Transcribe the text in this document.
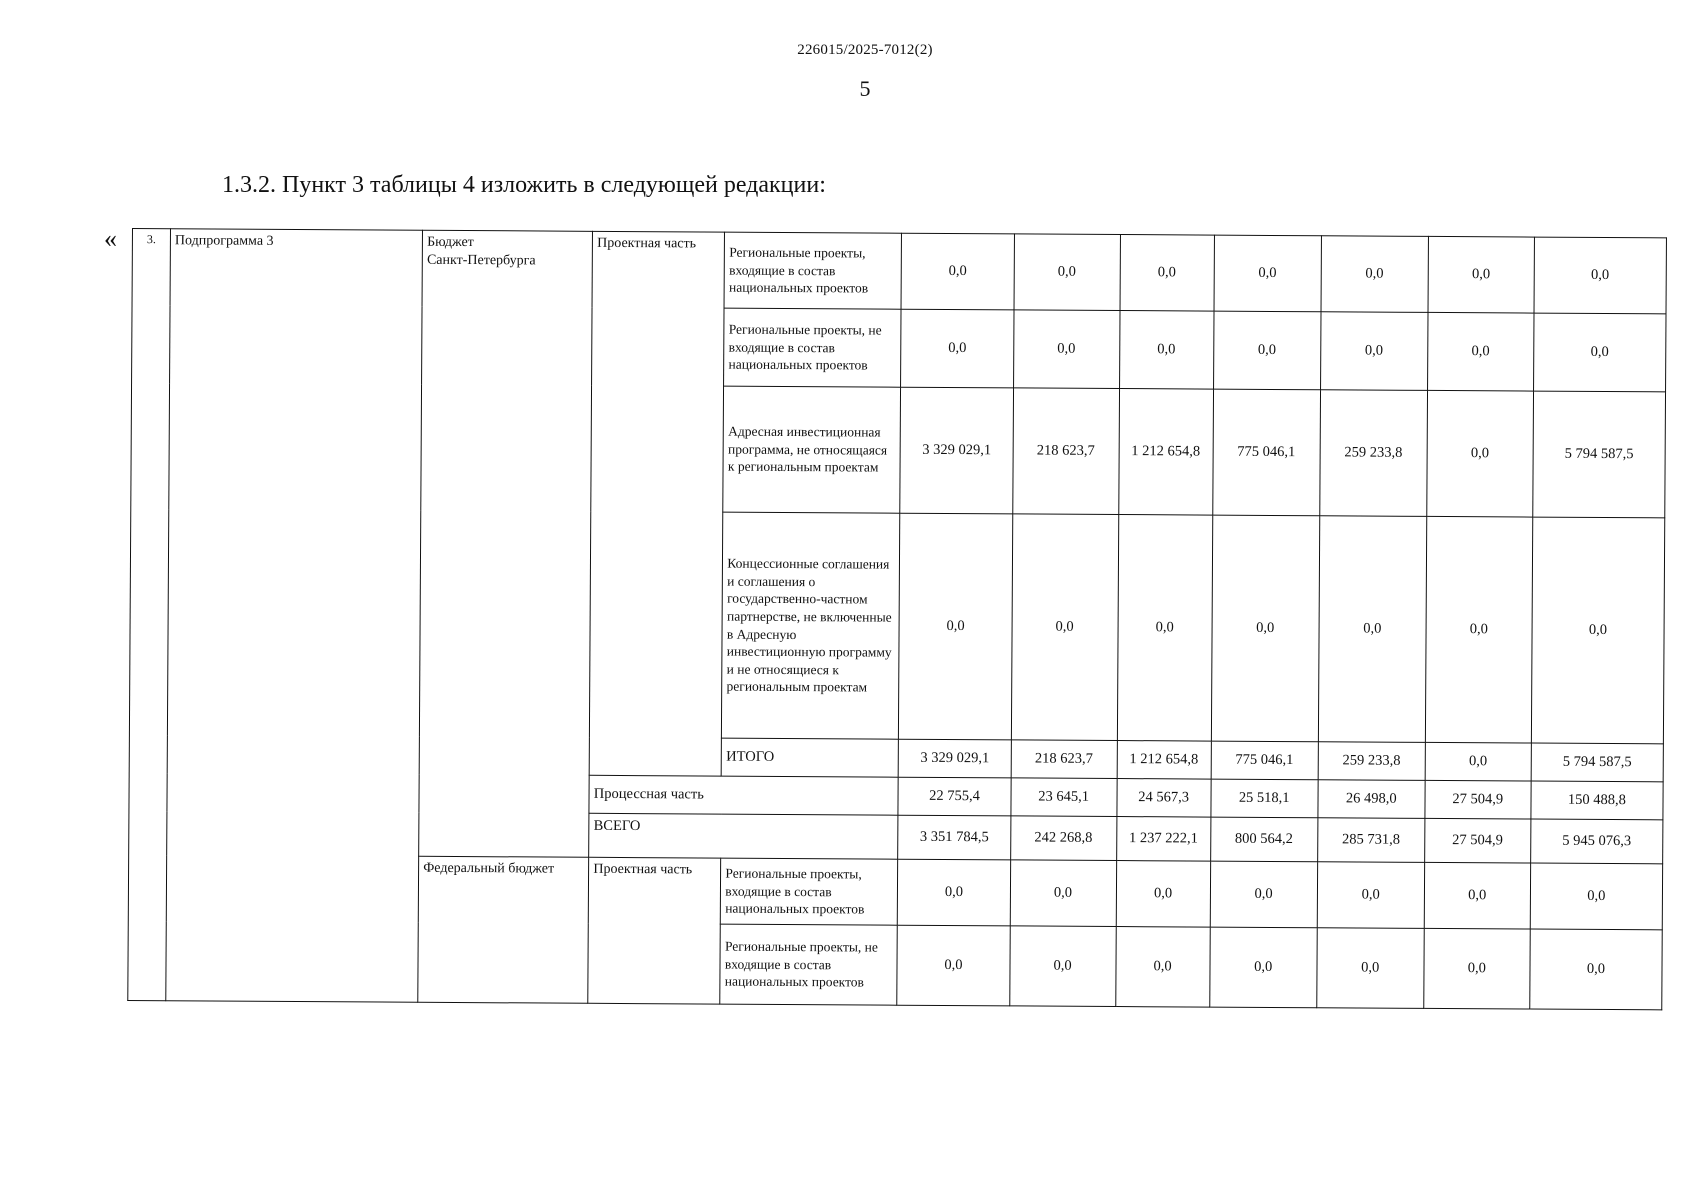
226015/2025-7012(2)
5
1.3.2. Пункт 3 таблицы 4 изложить в следующей редакции:
« 3.	Подпрограмма 3	Бюджет
Санкт-Петербурга	Проектная часть	Региональные проекты, входящие в состав национальных проектов	0,0	0,0	0,0	0,0	0,0	0,0	0,0
				Региональные проекты, не входящие в состав национальных проектов	0,0	0,0	0,0	0,0	0,0	0,0	0,0
				Адресная инвестиционная программа, не относящаяся к региональным проектам	3 329 029,1	218 623,7	1 212 654,8	775 046,1	259 233,8	0,0	5 794 587,5
				Концессионные соглашения и соглашения о государственно-частном партнерстве, не включенные в Адресную инвестиционную программу и не относящиеся к региональным проектам	0,0	0,0	0,0	0,0	0,0	0,0	0,0
				ИТОГО	3 329 029,1	218 623,7	1 212 654,8	775 046,1	259 233,8	0,0	5 794 587,5
			Процессная часть		22 755,4	23 645,1	24 567,3	25 518,1	26 498,0	27 504,9	150 488,8
			ВСЕГО		3 351 784,5	242 268,8	1 237 222,1	800 564,2	285 731,8	27 504,9	5 945 076,3
		Федеральный бюджет	Проектная часть	Региональные проекты, входящие в состав национальных проектов	0,0	0,0	0,0	0,0	0,0	0,0	0,0
				Региональные проекты, не входящие в состав национальных проектов	0,0	0,0	0,0	0,0	0,0	0,0	0,0
